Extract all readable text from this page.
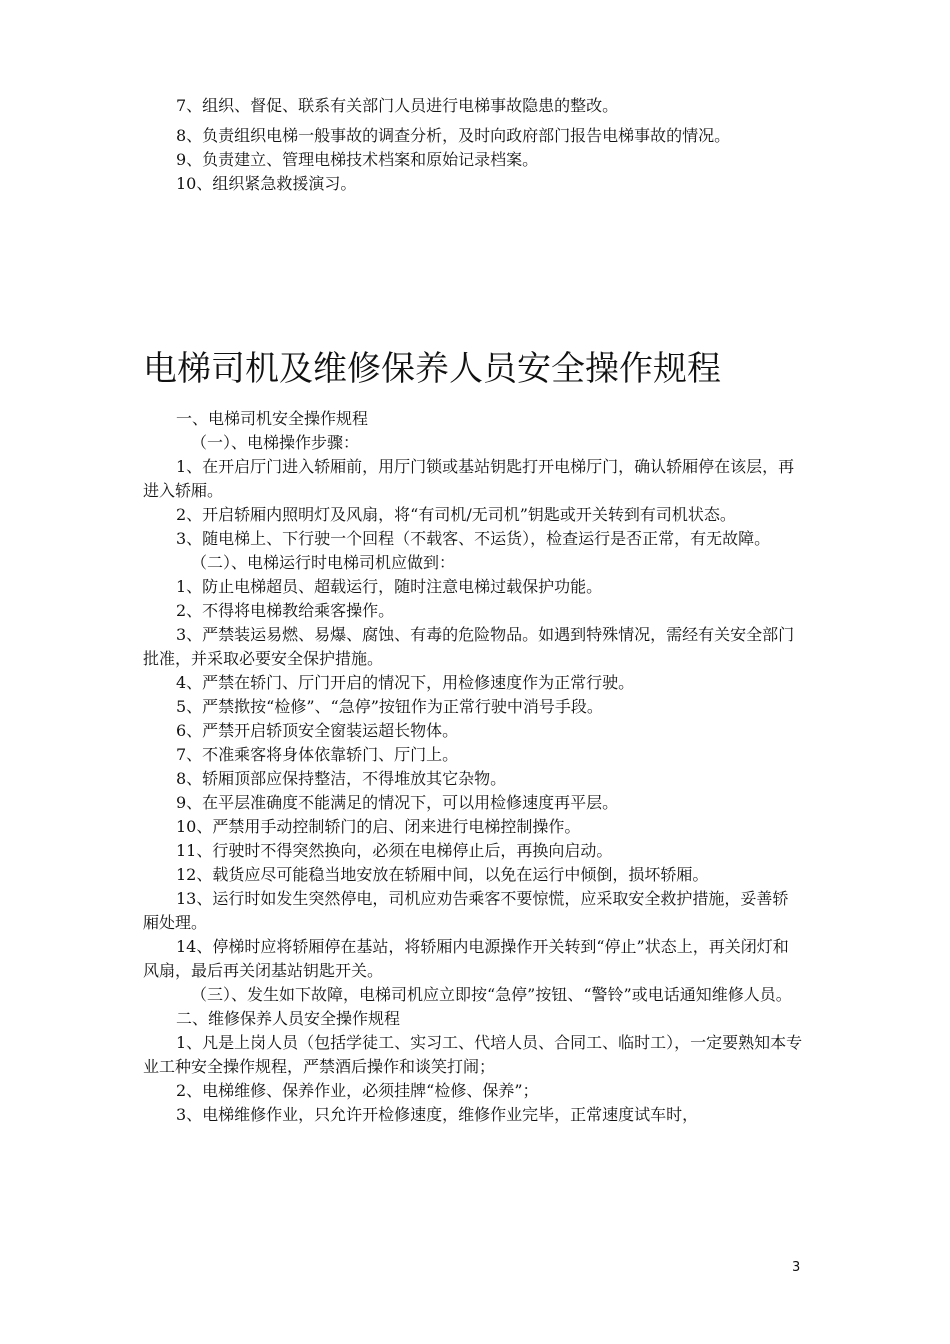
7、组织、督促、联系有关部门人员进行电梯事故隐患的整改。

8、负责组织电梯一般事故的调查分析，及时向政府部门报告电梯事故的情况。

9、负责建立、管理电梯技术档案和原始记录档案。

10、组织紧急救援演习。

电梯司机及维修保养人员安全操作规程

一、电梯司机安全操作规程

（一）、电梯操作步骤：

1、在开启厅门进入轿厢前，用厅门锁或基站钥匙打开电梯厅门，确认轿厢停在该层，再进入轿厢。

2、开启轿厢内照明灯及风扇，将“有司机/无司机”钥匙或开关转到有司机状态。

3、随电梯上、下行驶一个回程（不载客、不运货），检查运行是否正常，有无故障。

（二）、电梯运行时电梯司机应做到：

1、防止电梯超员、超载运行，随时注意电梯过载保护功能。

2、不得将电梯教给乘客操作。

3、严禁装运易燃、易爆、腐蚀、有毒的危险物品。如遇到特殊情况，需经有关安全部门批准，并采取必要安全保护措施。

4、严禁在轿门、厅门开启的情况下，用检修速度作为正常行驶。

5、严禁揿按“检修”、“急停”按钮作为正常行驶中消号手段。

6、严禁开启轿顶安全窗装运超长物体。

7、不准乘客将身体依靠轿门、厅门上。

8、轿厢顶部应保持整洁，不得堆放其它杂物。

9、在平层准确度不能满足的情况下，可以用检修速度再平层。

10、严禁用手动控制轿门的启、闭来进行电梯控制操作。

11、行驶时不得突然换向，必须在电梯停止后，再换向启动。

12、载货应尽可能稳当地安放在轿厢中间，以免在运行中倾倒，损坏轿厢。

13、运行时如发生突然停电，司机应劝告乘客不要惊慌，应采取安全救护措施，妥善轿厢处理。

14、停梯时应将轿厢停在基站，将轿厢内电源操作开关转到“停止”状态上，再关闭灯和风扇，最后再关闭基站钥匙开关。

（三）、发生如下故障，电梯司机应立即按“急停”按钮、“警铃”或电话通知维修人员。

二、维修保养人员安全操作规程

1、凡是上岗人员（包括学徒工、实习工、代培人员、合同工、临时工），一定要熟知本专业工种安全操作规程，严禁酒后操作和谈笑打闹；

2、电梯维修、保养作业，必须挂牌“检修、保养”；

3、电梯维修作业，只允许开检修速度，维修作业完毕，正常速度试车时，

3
